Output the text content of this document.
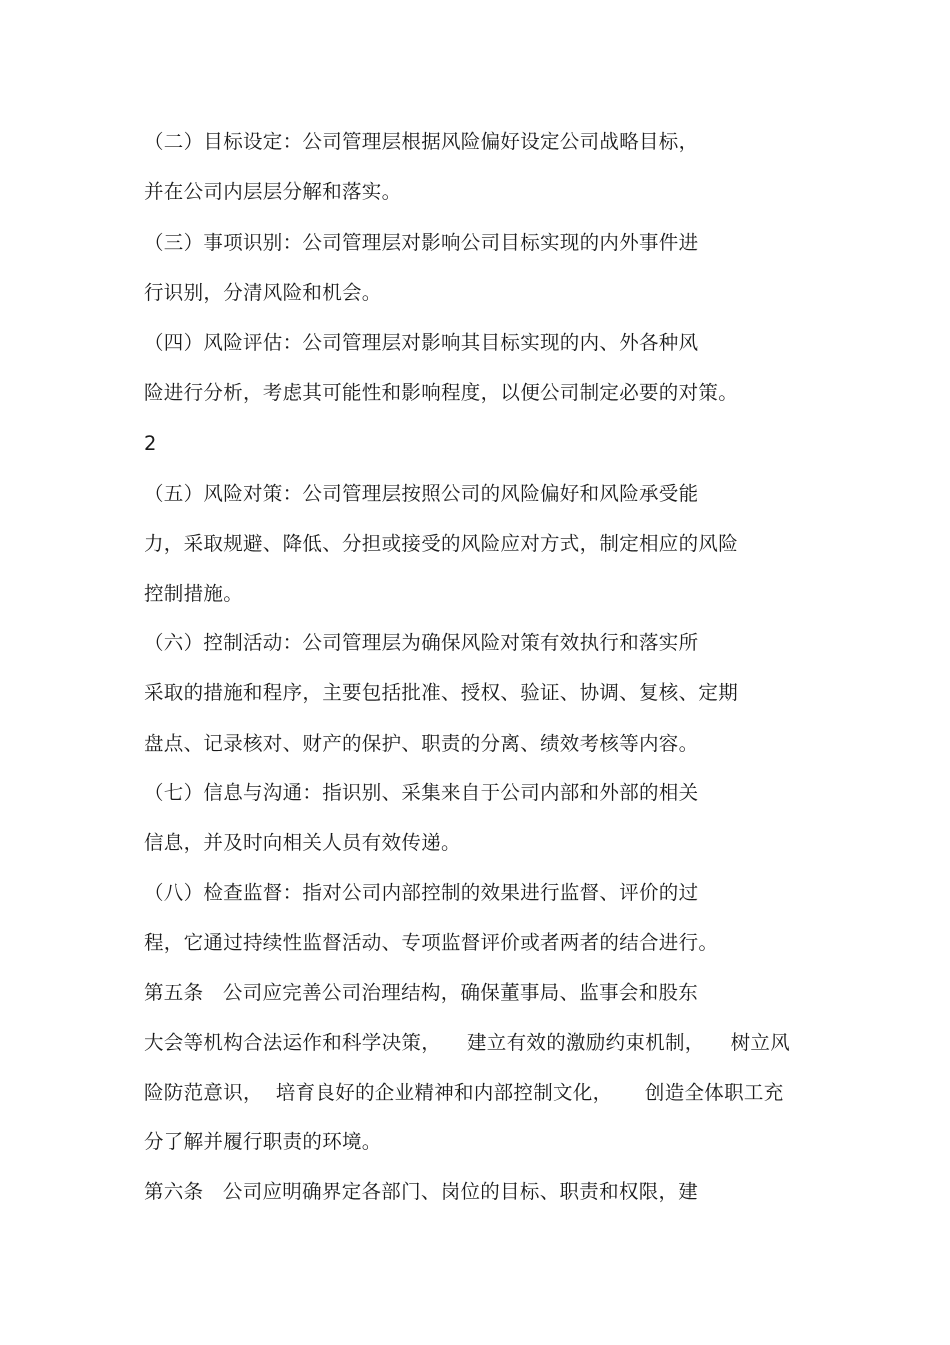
（二）目标设定：公司管理层根据风险偏好设定公司战略目标，
并在公司内层层分解和落实。
（三）事项识别：公司管理层对影响公司目标实现的内外事件进
行识别，分清风险和机会。
（四）风险评估：公司管理层对影响其目标实现的内、外各种风
险进行分析，考虑其可能性和影响程度，以便公司制定必要的对策。
2
（五）风险对策：公司管理层按照公司的风险偏好和风险承受能
力，采取规避、降低、分担或接受的风险应对方式，制定相应的风险
控制措施。
（六）控制活动：公司管理层为确保风险对策有效执行和落实所
采取的措施和程序，主要包括批准、授权、验证、协调、复核、定期
盘点、记录核对、财产的保护、职责的分离、绩效考核等内容。
（七）信息与沟通：指识别、采集来自于公司内部和外部的相关
信息，并及时向相关人员有效传递。
（八）检查监督：指对公司内部控制的效果进行监督、评价的过
程，它通过持续性监督活动、专项监督评价或者两者的结合进行。
第五条   公司应完善公司治理结构，确保董事局、监事会和股东
大会等机构合法运作和科学决策，    建立有效的激励约束机制，    树立风
险防范意识，  培育良好的企业精神和内部控制文化，     创造全体职工充
分了解并履行职责的环境。
第六条   公司应明确界定各部门、岗位的目标、职责和权限，建
